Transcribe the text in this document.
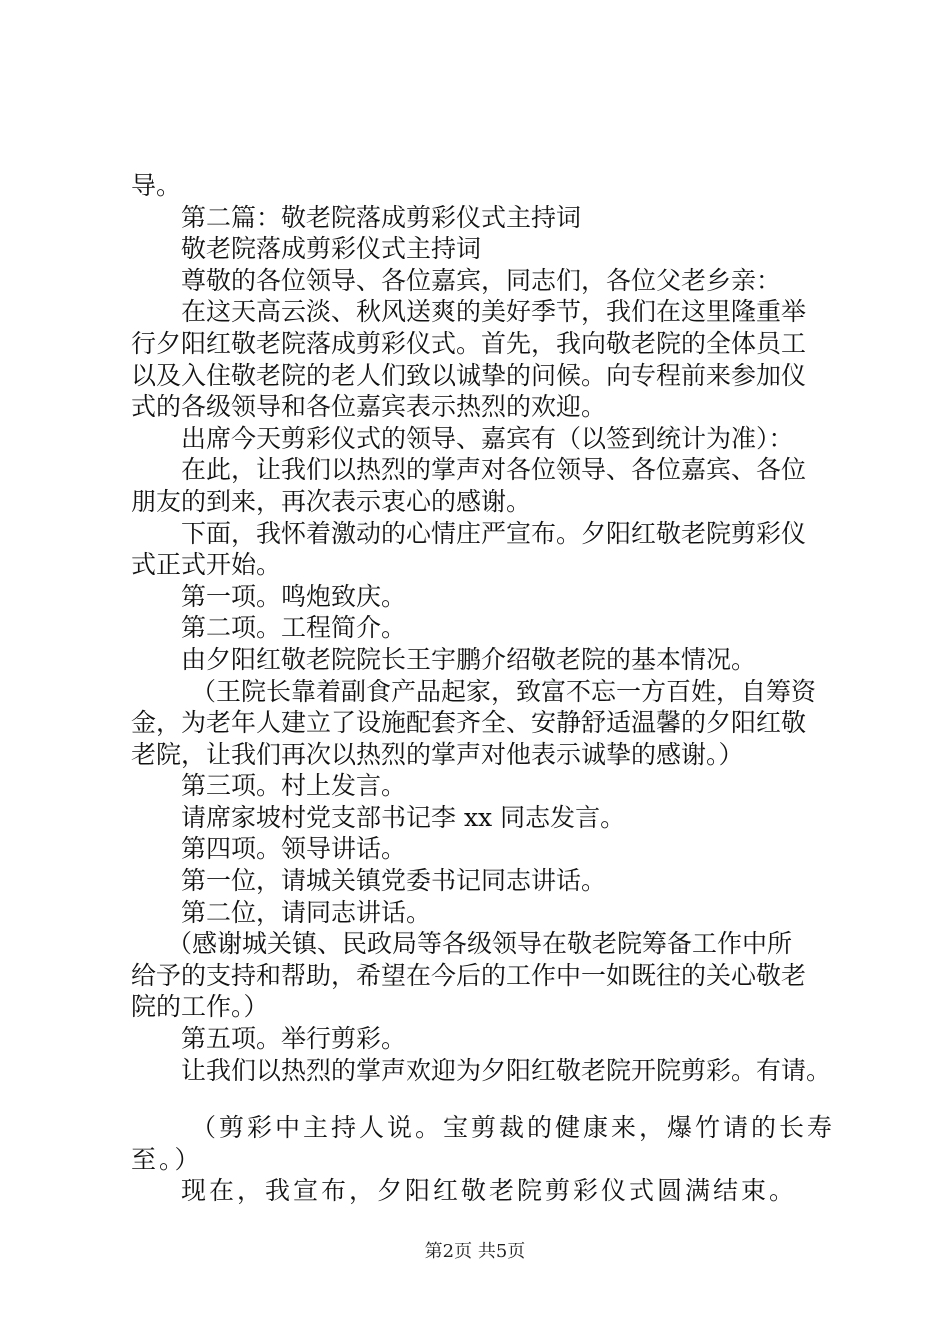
导。
第二篇：敬老院落成剪彩仪式主持词
敬老院落成剪彩仪式主持词
尊敬的各位领导、各位嘉宾，同志们，各位父老乡亲：
在这天高云淡、秋风送爽的美好季节，我们在这里隆重举
行夕阳红敬老院落成剪彩仪式。首先，我向敬老院的全体员工
以及入住敬老院的老人们致以诚挚的问候。向专程前来参加仪
式的各级领导和各位嘉宾表示热烈的欢迎。
出席今天剪彩仪式的领导、嘉宾有（以签到统计为准）：
在此，让我们以热烈的掌声对各位领导、各位嘉宾、各位
朋友的到来，再次表示衷心的感谢。
下面，我怀着激动的心情庄严宣布。夕阳红敬老院剪彩仪
式正式开始。
第一项。鸣炮致庆。
第二项。工程简介。
由夕阳红敬老院院长王宇鹏介绍敬老院的基本情况。
（王院长靠着副食产品起家，致富不忘一方百姓，自筹资
金，为老年人建立了设施配套齐全、安静舒适温馨的夕阳红敬
老院，让我们再次以热烈的掌声对他表示诚挚的感谢。）
第三项。村上发言。
请席家坡村党支部书记李 xx 同志发言。
第四项。领导讲话。
第一位，请城关镇党委书记同志讲话。
第二位，请同志讲话。
（感谢城关镇、民政局等各级领导在敬老院筹备工作中所
给予的支持和帮助，希望在今后的工作中一如既往的关心敬老
院的工作。）
第五项。举行剪彩。
让我们以热烈的掌声欢迎为夕阳红敬老院开院剪彩。有请。
（剪彩中主持人说。宝剪裁的健康来，爆竹请的长寿
至。）
现在，我宣布，夕阳红敬老院剪彩仪式圆满结束。
第2页 共5页
